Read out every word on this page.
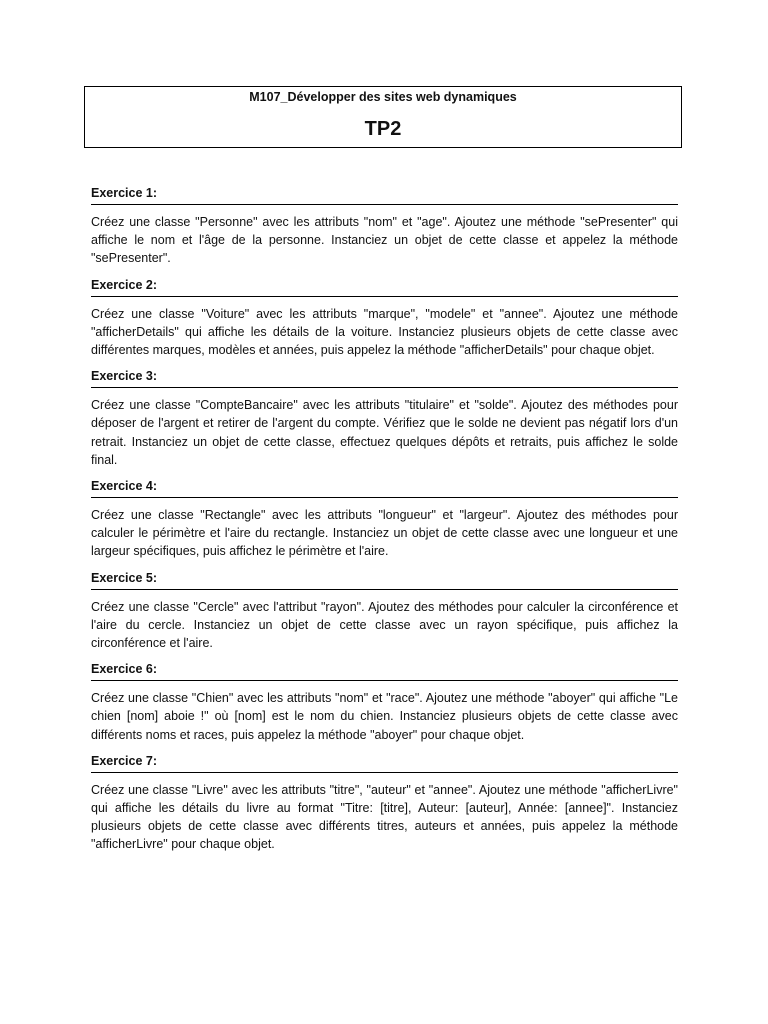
M107_Développer des sites web dynamiques
TP2
Exercice 1:

Créez une classe "Personne" avec les attributs "nom" et "age". Ajoutez une méthode "sePresenter" qui affiche le nom et l'âge de la personne. Instanciez un objet de cette classe et appelez la méthode "sePresenter".

Exercice 2:

Créez une classe "Voiture" avec les attributs "marque", "modele" et "annee". Ajoutez une méthode "afficherDetails" qui affiche les détails de la voiture. Instanciez plusieurs objets de cette classe avec différentes marques, modèles et années, puis appelez la méthode "afficherDetails" pour chaque objet.

Exercice 3:

Créez une classe "CompteBancaire" avec les attributs "titulaire" et "solde". Ajoutez des méthodes pour déposer de l'argent et retirer de l'argent du compte. Vérifiez que le solde ne devient pas négatif lors d'un retrait. Instanciez un objet de cette classe, effectuez quelques dépôts et retraits, puis affichez le solde final.

Exercice 4:

Créez une classe "Rectangle" avec les attributs "longueur" et "largeur". Ajoutez des méthodes pour calculer le périmètre et l'aire du rectangle. Instanciez un objet de cette classe avec une longueur et une largeur spécifiques, puis affichez le périmètre et l'aire.

Exercice 5:

Créez une classe "Cercle" avec l'attribut "rayon". Ajoutez des méthodes pour calculer la circonférence et l'aire du cercle. Instanciez un objet de cette classe avec un rayon spécifique, puis affichez la circonférence et l'aire.

Exercice 6:

Créez une classe "Chien" avec les attributs "nom" et "race". Ajoutez une méthode "aboyer" qui affiche "Le chien [nom] aboie !" où [nom] est le nom du chien. Instanciez plusieurs objets de cette classe avec différents noms et races, puis appelez la méthode "aboyer" pour chaque objet.

Exercice 7:

Créez une classe "Livre" avec les attributs "titre", "auteur" et "annee". Ajoutez une méthode "afficherLivre" qui affiche les détails du livre au format "Titre: [titre], Auteur: [auteur], Année: [annee]". Instanciez plusieurs objets de cette classe avec différents titres, auteurs et années, puis appelez la méthode "afficherLivre" pour chaque objet.
